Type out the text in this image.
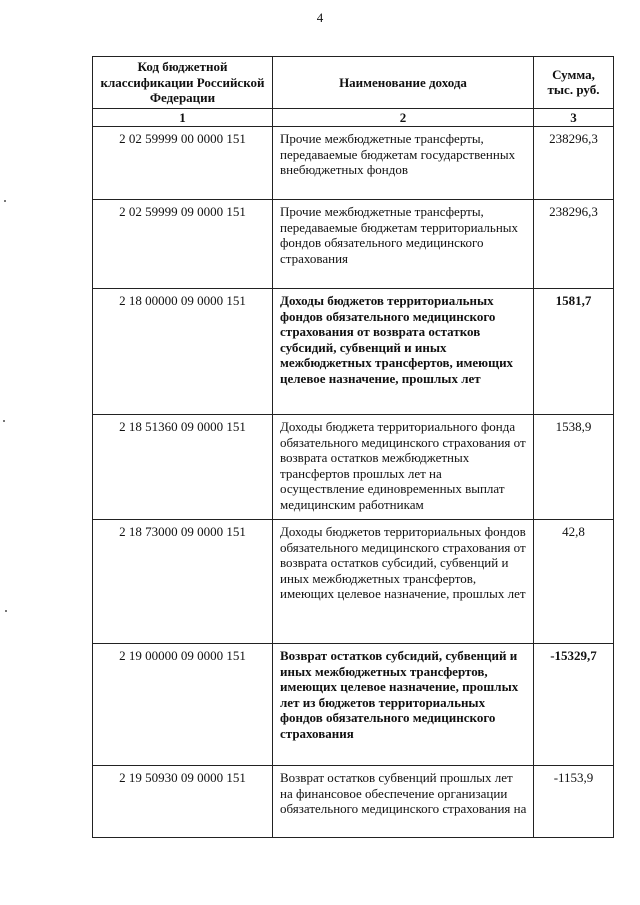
4
Код бюджетной классификации Российской Федерации	Наименование дохода	Сумма, тыс. руб.
1	2	3
2 02 59999 00 0000 151	Прочие межбюджетные трансферты, передаваемые бюджетам государственных внебюджетных фондов	238296,3
2 02 59999 09 0000 151	Прочие межбюджетные трансферты, передаваемые бюджетам территориальных фондов обязательного медицинского страхования	238296,3
2 18 00000 09 0000 151	Доходы бюджетов территориальных фондов обязательного медицинского страхования от возврата остатков субсидий, субвенций и иных межбюджетных трансфертов, имеющих целевое назначение, прошлых лет	1581,7
2 18 51360 09 0000 151	Доходы бюджета территориального фонда обязательного медицинского страхования от возврата остатков межбюджетных трансфертов прошлых лет на осуществление единовременных выплат медицинским работникам	1538,9
2 18 73000 09 0000 151	Доходы бюджетов территориальных фондов обязательного медицинского страхования от возврата остатков субсидий, субвенций и иных межбюджетных трансфертов, имеющих целевое назначение, прошлых лет	42,8
2 19 00000 09 0000 151	Возврат остатков субсидий, субвенций и иных межбюджетных трансфертов, имеющих целевое назначение, прошлых лет из бюджетов территориальных фондов обязательного медицинского страхования	-15329,7
2 19 50930 09 0000 151	Возврат остатков субвенций прошлых лет на финансовое обеспечение организации обязательного медицинского страхования на	-1153,9
